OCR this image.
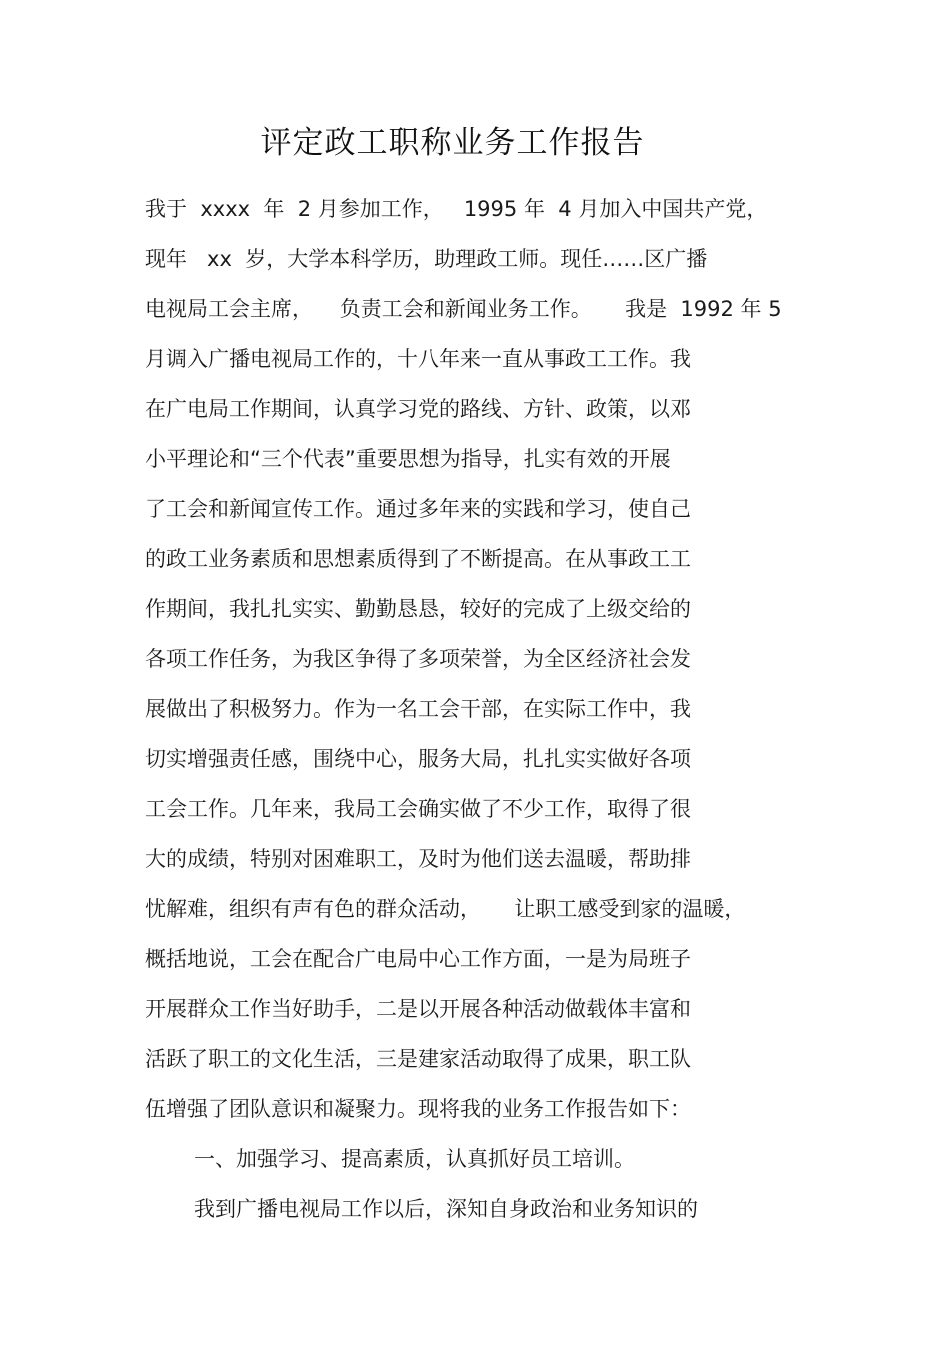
评定政工职称业务工作报告
我于  xxxx  年  2 月参加工作，   1995 年  4 月加入中国共产党，
现年   xx  岁，大学本科学历，助理政工师。现任……区广播
电视局工会主席，    负责工会和新闻业务工作。     我是  1992 年 5
月调入广播电视局工作的，十八年来一直从事政工工作。我
在广电局工作期间，认真学习党的路线、方针、政策，以邓
小平理论和“三个代表”重要思想为指导，扎实有效的开展
了工会和新闻宣传工作。通过多年来的实践和学习，使自己
的政工业务素质和思想素质得到了不断提高。在从事政工工
作期间，我扎扎实实、勤勤恳恳，较好的完成了上级交给的
各项工作任务，为我区争得了多项荣誉，为全区经济社会发
展做出了积极努力。作为一名工会干部，在实际工作中，我
切实增强责任感，围绕中心，服务大局，扎扎实实做好各项
工会工作。几年来，我局工会确实做了不少工作，取得了很
大的成绩，特别对困难职工，及时为他们送去温暖，帮助排
忧解难，组织有声有色的群众活动，     让职工感受到家的温暖，
概括地说，工会在配合广电局中心工作方面，一是为局班子
开展群众工作当好助手，二是以开展各种活动做载体丰富和
活跃了职工的文化生活，三是建家活动取得了成果，职工队
伍增强了团队意识和凝聚力。现将我的业务工作报告如下：
一、加强学习、提高素质，认真抓好员工培训。
我到广播电视局工作以后，深知自身政治和业务知识的
